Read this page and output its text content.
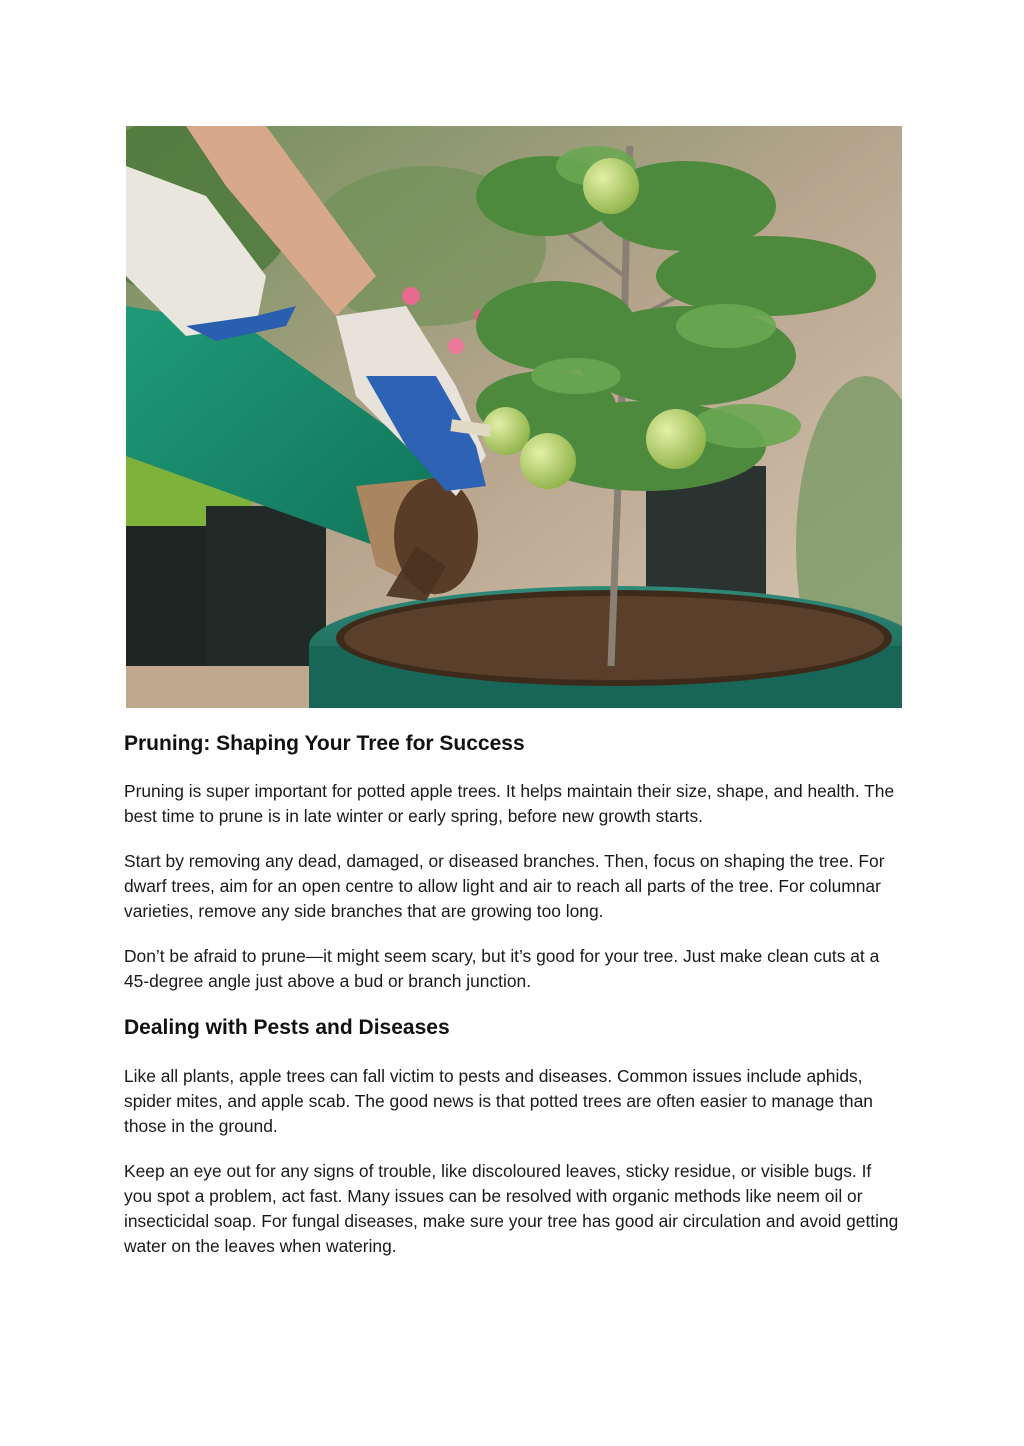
Pruning: Shaping Your Tree for Success

Pruning is super important for potted apple trees. It helps maintain their size, shape, and health. The best time to prune is in late winter or early spring, before new growth starts.

Start by removing any dead, damaged, or diseased branches. Then, focus on shaping the tree. For dwarf trees, aim for an open centre to allow light and air to reach all parts of the tree. For columnar varieties, remove any side branches that are growing too long.

Don’t be afraid to prune—it might seem scary, but it’s good for your tree. Just make clean cuts at a 45-degree angle just above a bud or branch junction.

Dealing with Pests and Diseases

Like all plants, apple trees can fall victim to pests and diseases. Common issues include aphids, spider mites, and apple scab. The good news is that potted trees are often easier to manage than those in the ground.

Keep an eye out for any signs of trouble, like discoloured leaves, sticky residue, or visible bugs. If you spot a problem, act fast. Many issues can be resolved with organic methods like neem oil or insecticidal soap. For fungal diseases, make sure your tree has good air circulation and avoid getting water on the leaves when watering.
